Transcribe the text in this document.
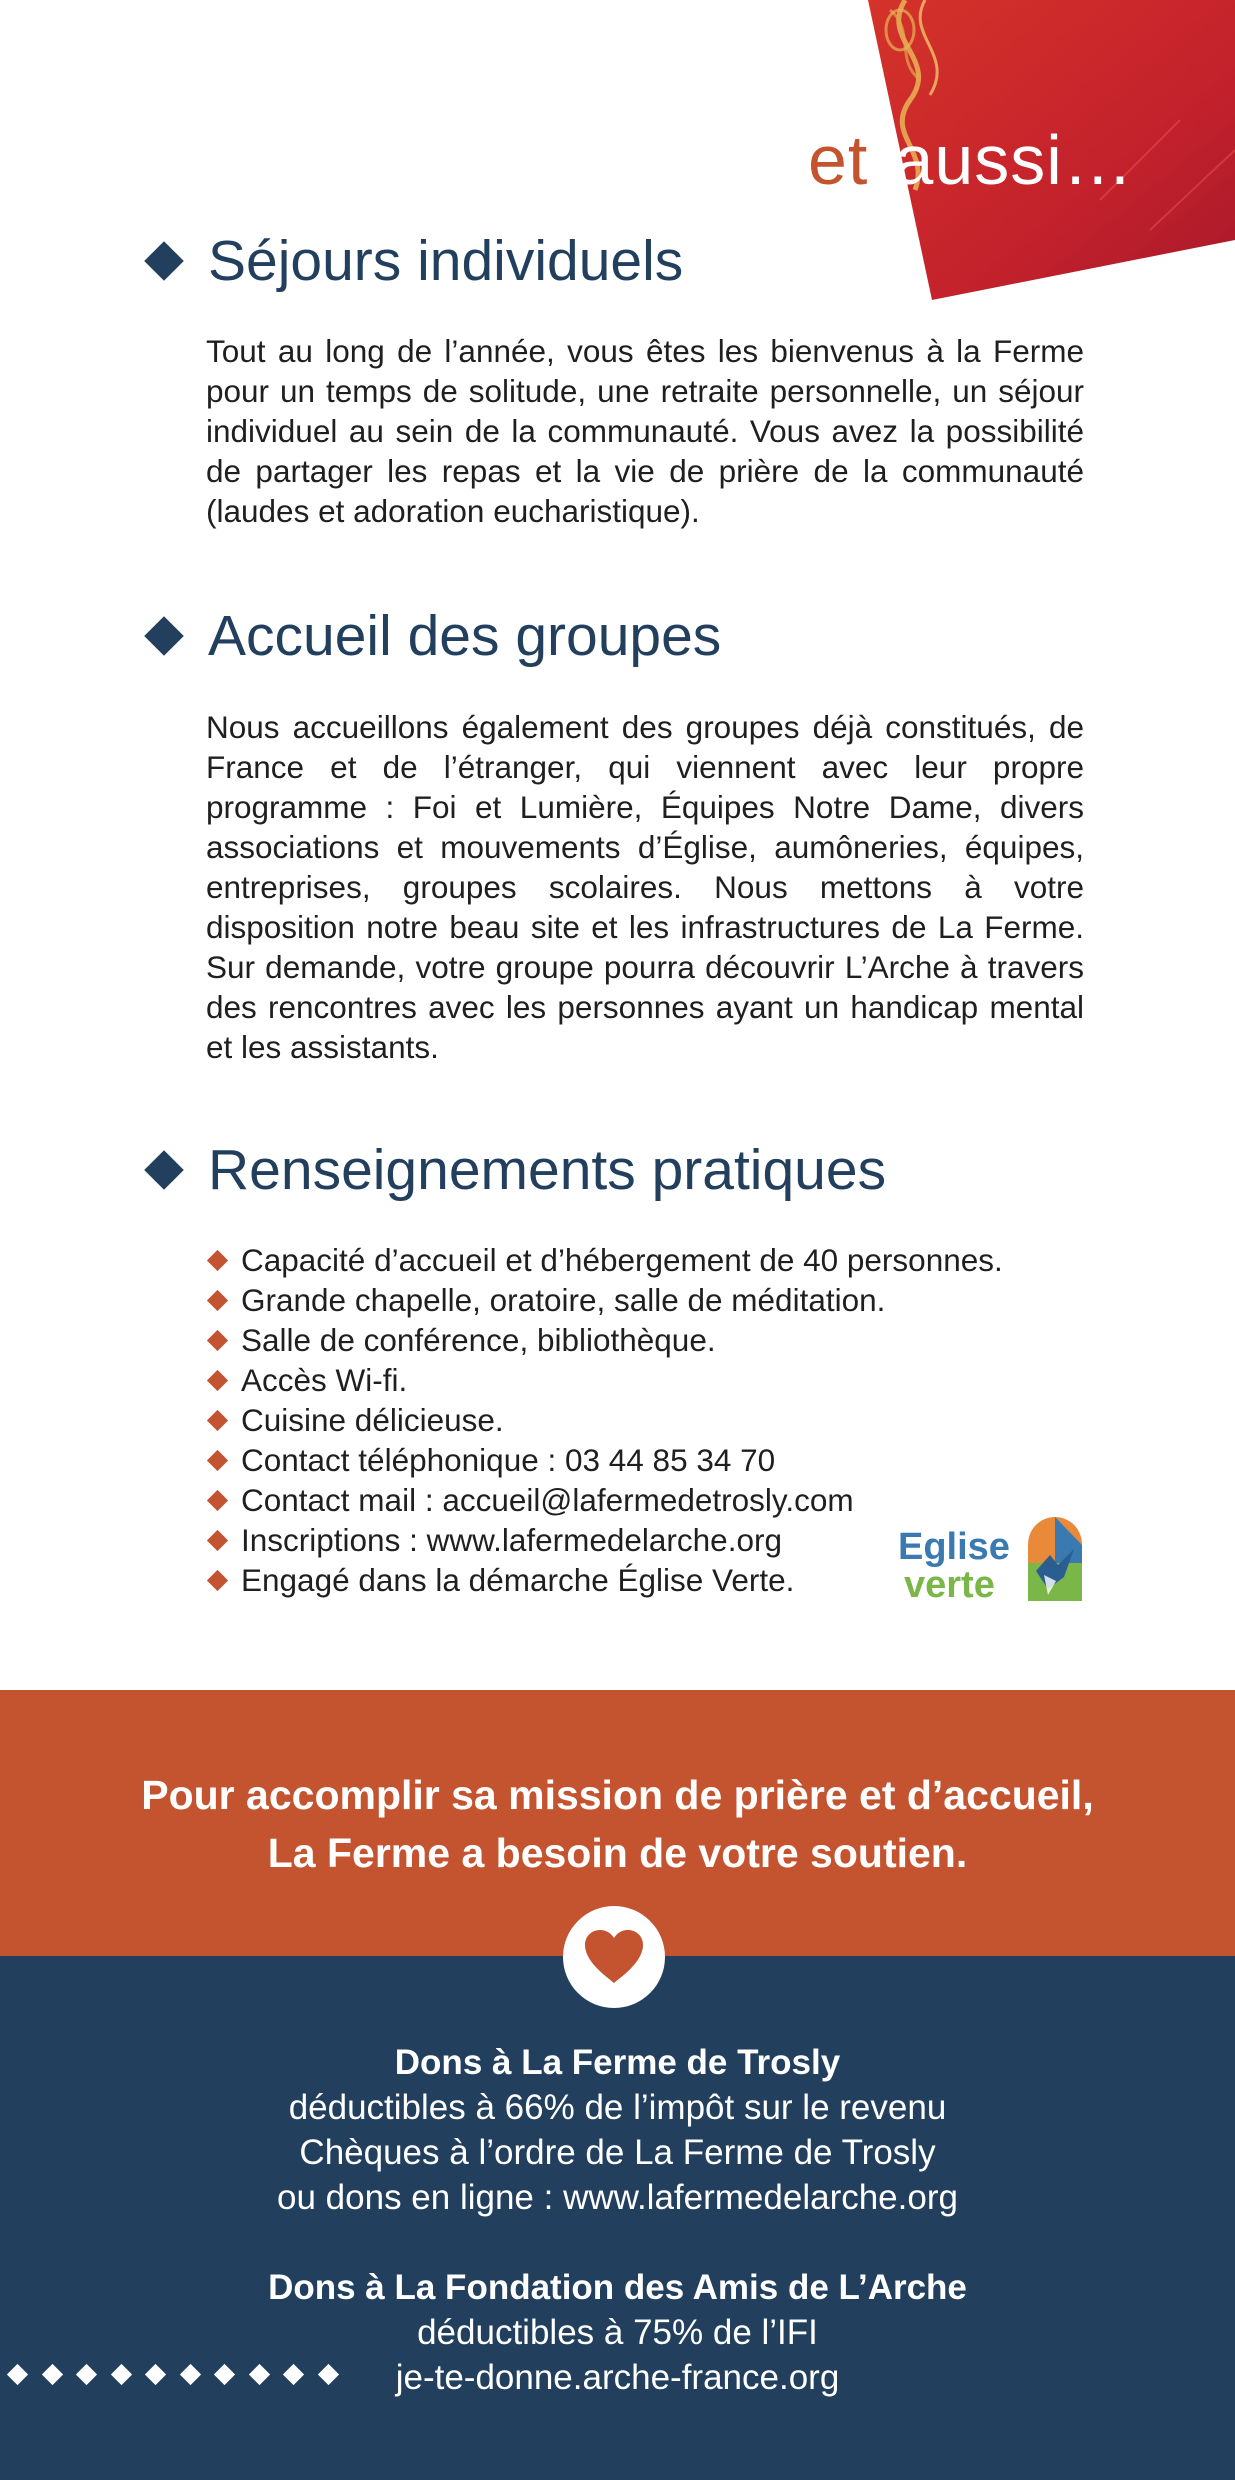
et aussi…
Séjours individuels

Tout au long de l’année, vous êtes les bienvenus à la Ferme pour un temps de solitude, une retraite personnelle, un séjour individuel au sein de la communauté. Vous avez la possibilité de partager les repas et la vie de prière de la communauté (laudes et adoration eucharistique).

Accueil des groupes

Nous accueillons également des groupes déjà constitués, de France et de l’étranger, qui viennent avec leur propre programme : Foi et Lumière, Équipes Notre Dame, divers associations et mouvements d’Église, aumôneries, équipes, entreprises, groupes scolaires. Nous mettons à votre disposition notre beau site et les infrastructures de La Ferme. Sur demande, votre groupe pourra découvrir L’Arche à travers des rencontres avec les personnes ayant un handicap mental et les assistants.

Renseignements pratiques
Capacité d’accueil et d’hébergement de 40 personnes.
Grande chapelle, oratoire, salle de méditation.
Salle de conférence, bibliothèque.
Accès Wi-fi.
Cuisine délicieuse.
Contact téléphonique : 03 44 85 34 70
Contact mail : accueil@lafermedetrosly.com
Inscriptions : www.lafermedelarche.org
Engagé dans la démarche Église Verte.
Eglise
verte
Pour accomplir sa mission de prière et d’accueil,
La Ferme a besoin de votre soutien.
Dons à La Ferme de Trosly
déductibles à 66% de l’impôt sur le revenu
Chèques à l’ordre de La Ferme de Trosly
ou dons en ligne : www.lafermedelarche.org
Dons à La Fondation des Amis de L’Arche
déductibles à 75% de l’IFI
je-te-donne.arche-france.org
